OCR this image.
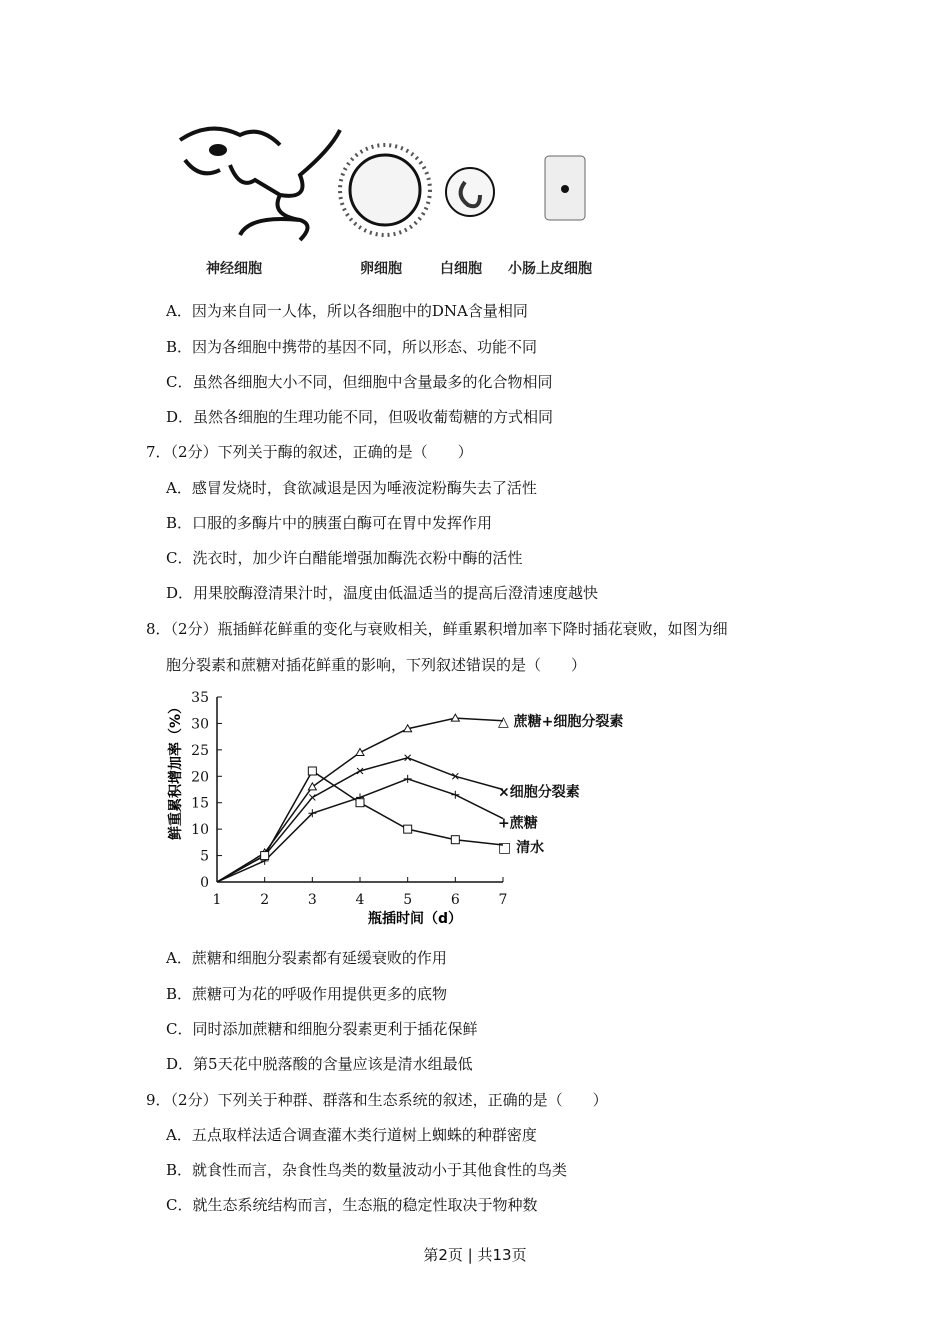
神经细胞	卵细胞	白细胞 小肠上皮细胞
A．因为来自同一人体，所以各细胞中的DNA含量相同
B．因为各细胞中携带的基因不同，所以形态、功能不同
C．虽然各细胞大小不同，但细胞中含量最多的化合物相同
D．虽然各细胞的生理功能不同，但吸收葡萄糖的方式相同
7．（2分）下列关于酶的叙述，正确的是（　　）
A．感冒发烧时，食欲减退是因为唾液淀粉酶失去了活性
B．口服的多酶片中的胰蛋白酶可在胃中发挥作用
C．洗衣时，加少许白醋能增强加酶洗衣粉中酶的活性
D．用果胶酶澄清果汁时，温度由低温适当的提高后澄清速度越快
8．（2分）瓶插鲜花鲜重的变化与衰败相关，鲜重累积增加率下降时插花衰败，如图为细
胞分裂素和蔗糖对插花鲜重的影响，下列叙述错误的是（　　）
0
5
10
15
20
25
30
35
1	2	3	4	5	6	7
△ 蔗糖+细胞分裂素
×细胞分裂素
+蔗糖
□ 清水
瓶插时间（d）
鲜重累积增加率（%）
A．蔗糖和细胞分裂素都有延缓衰败的作用
B．蔗糖可为花的呼吸作用提供更多的底物
C．同时添加蔗糖和细胞分裂素更利于插花保鲜
D．第5天花中脱落酸的含量应该是清水组最低
9．（2分）下列关于种群、群落和生态系统的叙述，正确的是（　　）
A．五点取样法适合调查灌木类行道树上蜘蛛的种群密度
B．就食性而言，杂食性鸟类的数量波动小于其他食性的鸟类
C．就生态系统结构而言，生态瓶的稳定性取决于物种数
第2页 | 共13页
